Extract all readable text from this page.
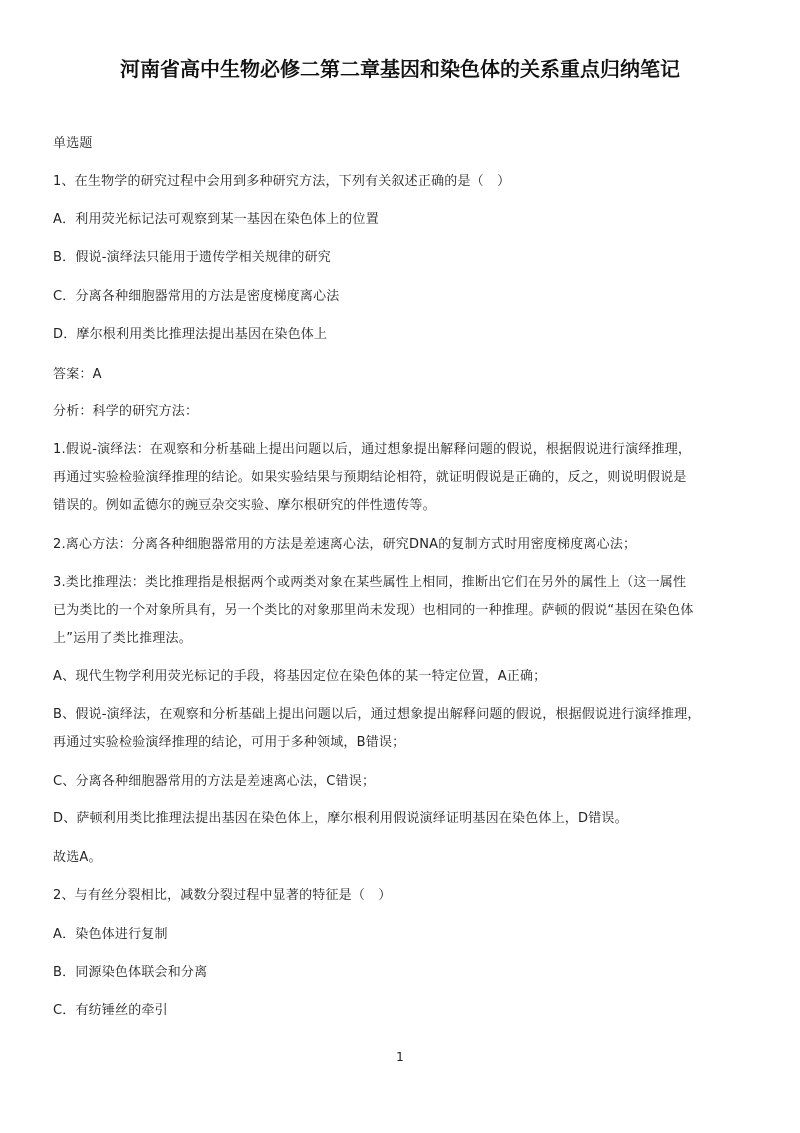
河南省高中生物必修二第二章基因和染色体的关系重点归纳笔记
单选题
1、在生物学的研究过程中会用到多种研究方法，下列有关叙述正确的是（　）
A．利用荧光标记法可观察到某一基因在染色体上的位置
B．假说-演绎法只能用于遗传学相关规律的研究
C．分离各种细胞器常用的方法是密度梯度离心法
D．摩尔根利用类比推理法提出基因在染色体上
答案：A
分析：科学的研究方法：
1.假说-演绎法：在观察和分析基础上提出问题以后，通过想象提出解释问题的假说，根据假说进行演绎推理，
再通过实验检验演绎推理的结论。如果实验结果与预期结论相符，就证明假说是正确的，反之，则说明假说是
错误的。例如孟德尔的豌豆杂交实验、摩尔根研究的伴性遗传等。
2.离心方法：分离各种细胞器常用的方法是差速离心法，研究DNA的复制方式时用密度梯度离心法；
3.类比推理法：类比推理指是根据两个或两类对象在某些属性上相同，推断出它们在另外的属性上（这一属性
已为类比的一个对象所具有，另一个类比的对象那里尚未发现）也相同的一种推理。萨顿的假说“基因在染色体
上”运用了类比推理法。
A、现代生物学利用荧光标记的手段，将基因定位在染色体的某一特定位置，A正确；
B、假说-演绎法，在观察和分析基础上提出问题以后，通过想象提出解释问题的假说，根据假说进行演绎推理，
再通过实验检验演绎推理的结论，可用于多种领域，B错误；
C、分离各种细胞器常用的方法是差速离心法，C错误；
D、萨顿利用类比推理法提出基因在染色体上，摩尔根利用假说演绎证明基因在染色体上，D错误。
故选A。
2、与有丝分裂相比，减数分裂过程中显著的特征是（　）
A．染色体进行复制
B．同源染色体联会和分离
C．有纺锤丝的牵引
1
